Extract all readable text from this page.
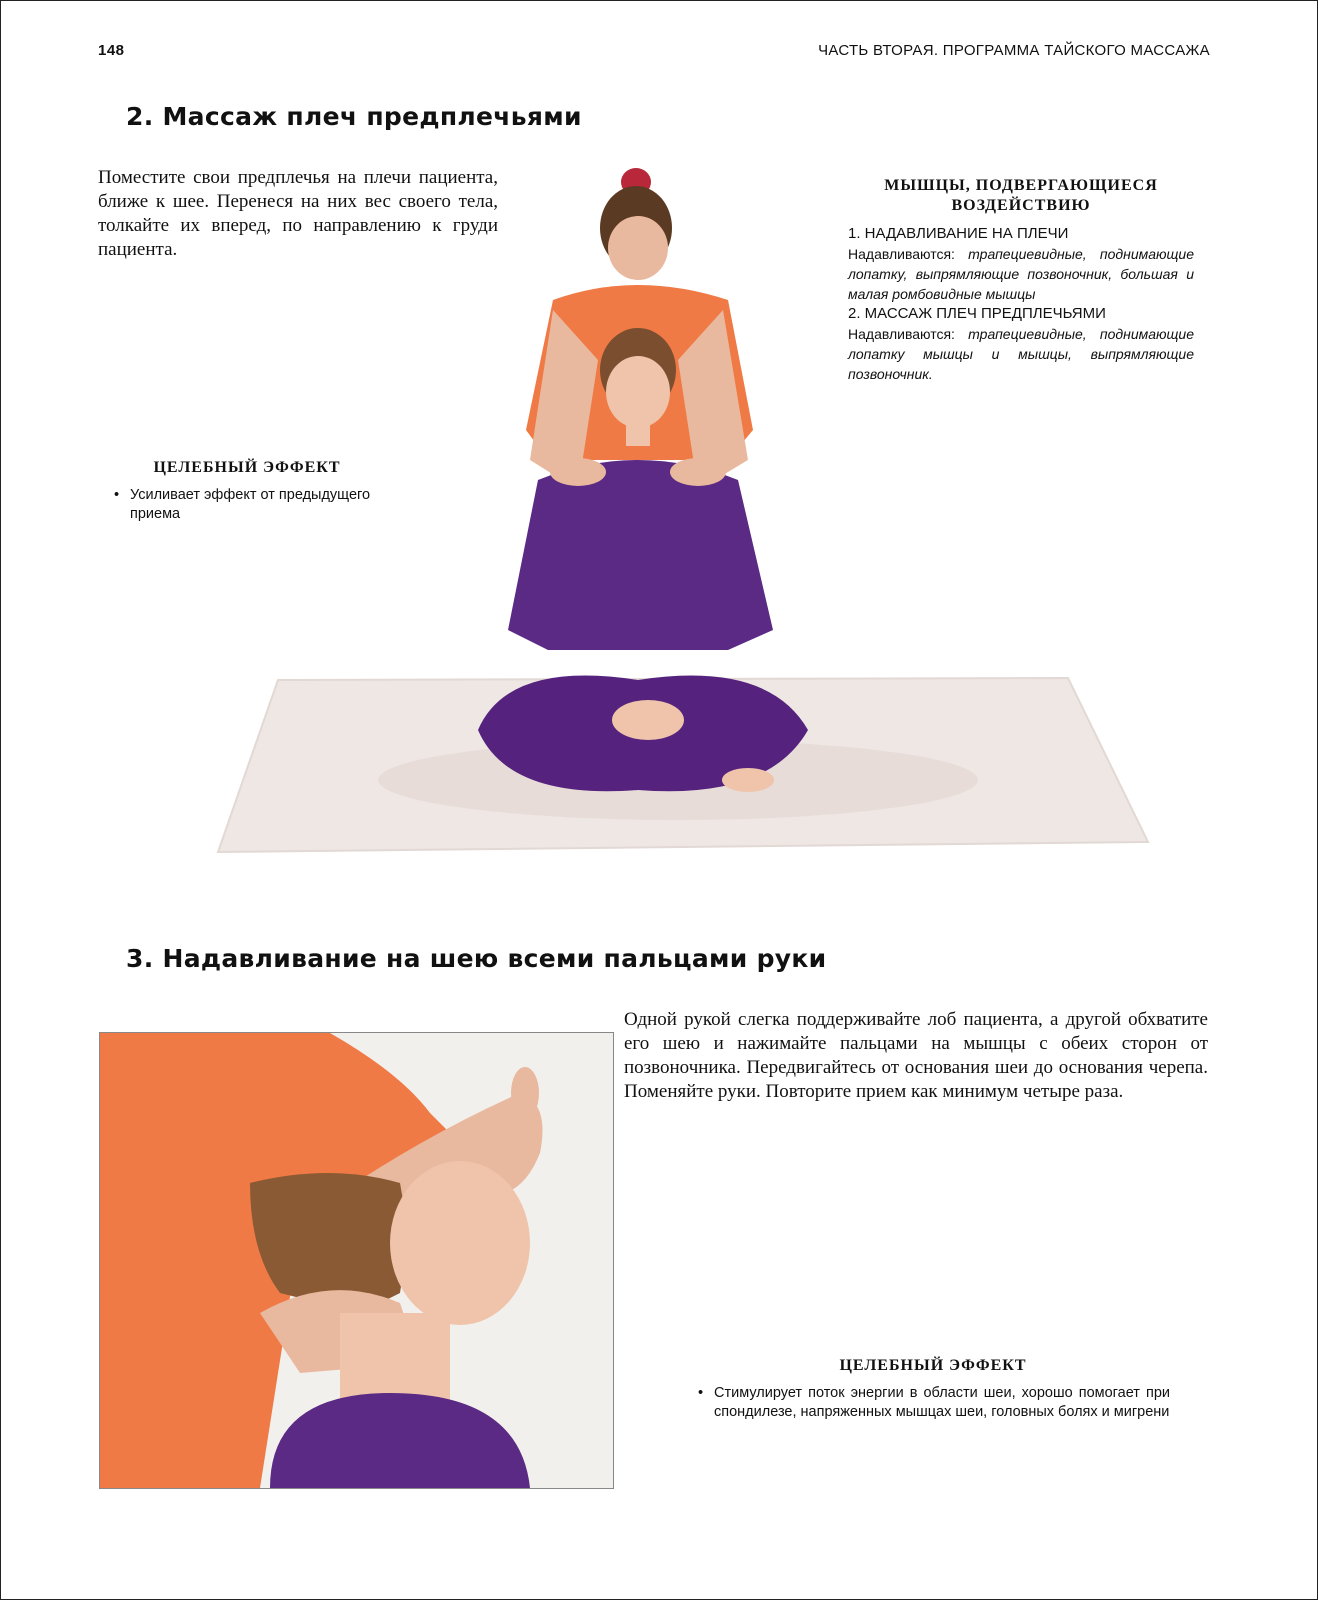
148	ЧАСТЬ ВТОРАЯ. ПРОГРАММА ТАЙСКОГО МАССАЖА
2. Массаж плеч предплечьями
Поместите свои предплечья на плечи пациента, ближе к шее. Перенеся на них вес своего тела, толкайте их вперед, по направлению к груди пациента.
МЫШЦЫ, ПОДВЕРГАЮЩИЕСЯ ВОЗДЕЙСТВИЮ
1. НАДАВЛИВАНИЕ НА ПЛЕЧИ
Надавливаются: трапециевидные, поднимающие лопатку, выпрямляющие позвоночник, большая и малая ромбовидные мышцы
2. МАССАЖ ПЛЕЧ ПРЕДПЛЕЧЬЯМИ
Надавливаются: трапециевидные, поднимающие лопатку мышцы и мышцы, выпрямляющие позвоночник.
ЦЕЛЕБНЫЙ ЭФФЕКТ
• Усиливает эффект от предыдущего приема
3. Надавливание на шею всеми пальцами руки
Одной рукой слегка поддерживайте лоб пациента, а другой обхватите его шею и нажимайте пальцами на мышцы с обеих сторон от позвоночника. Передвигайтесь от основания шеи до основания черепа. Поменяйте руки. Повторите прием как минимум четыре раза.
ЦЕЛЕБНЫЙ ЭФФЕКТ
• Стимулирует поток энергии в области шеи, хорошо помогает при спондилезе, напряженных мышцах шеи, головных болях и мигрени
